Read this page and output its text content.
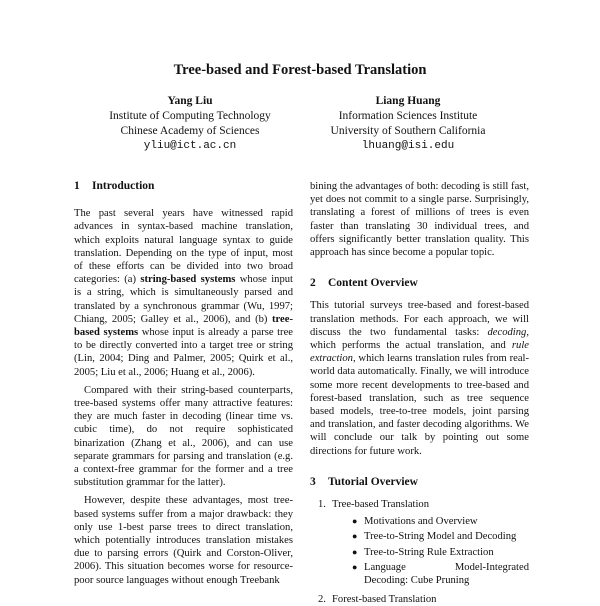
Tree-based and Forest-based Translation
Yang Liu
Institute of Computing Technology
Chinese Academy of Sciences
yliu@ict.ac.cn
Liang Huang
Information Sciences Institute
University of Southern California
lhuang@isi.edu
1 Introduction

The past several years have witnessed rapid advances in syntax-based machine translation, which exploits natural language syntax to guide translation. Depending on the type of input, most of these efforts can be divided into two broad categories: (a) string-based systems whose input is a string, which is simultaneously parsed and translated by a synchronous grammar (Wu, 1997; Chiang, 2005; Galley et al., 2006), and (b) tree-based systems whose input is already a parse tree to be directly converted into a target tree or string (Lin, 2004; Ding and Palmer, 2005; Quirk et al., 2005; Liu et al., 2006; Huang et al., 2006).

Compared with their string-based counterparts, tree-based systems offer many attractive features: they are much faster in decoding (linear time vs. cubic time), do not require sophisticated binarization (Zhang et al., 2006), and can use separate grammars for parsing and translation (e.g. a context-free grammar for the former and a tree substitution grammar for the latter).

However, despite these advantages, most tree-based systems suffer from a major drawback: they only use 1-best parse trees to direct translation, which potentially introduces translation mistakes due to parsing errors (Quirk and Corston-Oliver, 2006). This situation becomes worse for resource-poor source languages without enough Treebank

bining the advantages of both: decoding is still fast, yet does not commit to a single parse. Surprisingly, translating a forest of millions of trees is even faster than translating 30 individual trees, and offers significantly better translation quality. This approach has since become a popular topic.

2 Content Overview

This tutorial surveys tree-based and forest-based translation methods. For each approach, we will discuss the two fundamental tasks: decoding, which performs the actual translation, and rule extraction, which learns translation rules from real-world data automatically. Finally, we will introduce some more recent developments to tree-based and forest-based translation, such as tree sequence based models, tree-to-tree models, joint parsing and translation, and faster decoding algorithms. We will conclude our talk by pointing out some directions for future work.

3 Tutorial Overview
1. Tree-based Translation
● Motivations and Overview
● Tree-to-String Model and Decoding
● Tree-to-String Rule Extraction
● Language Model-Integrated Decoding: Cube Pruning
2. Forest-based Translation
